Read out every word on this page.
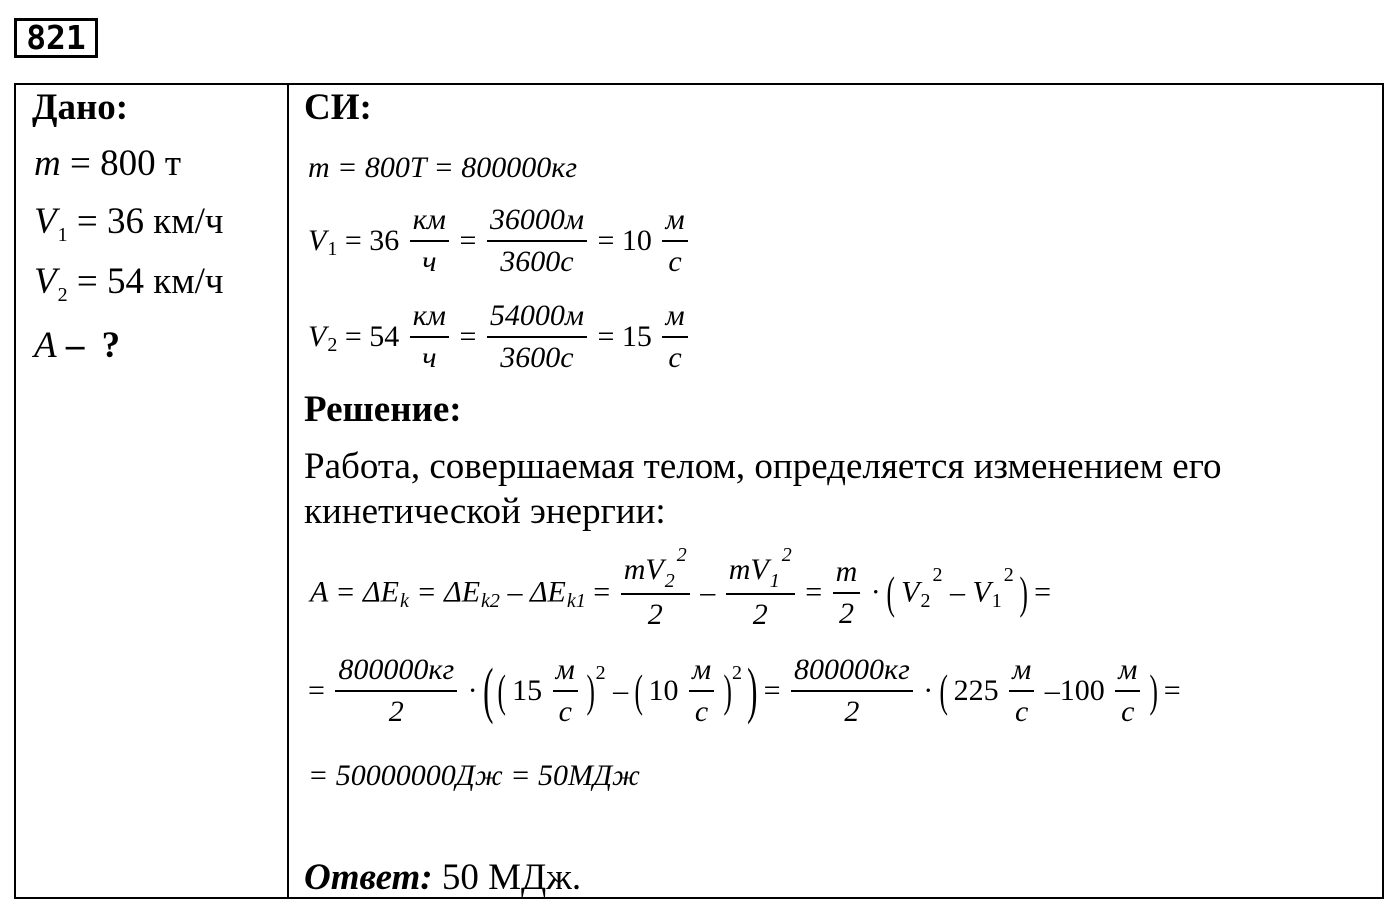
821
Дано:
m = 800 т
$V_1 = 36$ км/ч
$V_2 = 54$ км/ч
A – ?
СИ:
m = 800T = 800000кг
$V_1 = 36$
км
ч
=
36000м
3600с
= 10
м
с
$V_2 = 54$
км
ч
=
54000м
3600с
= 15
м
с
Решение:
Работа, совершаемая телом, определяется изменением его
кинетической энергии:
$A = \Delta E_k = \Delta E_{k2} - \Delta E_{k1} = \frac{mV_2^2}{2} - \frac{mV_1^2}{2} = \frac{m}{2}$ · ( $V_2^2 - V_1^2$ ) =
=
800000кг
2
· ( ( 15
м
с )$^2$ – ( 10
м
с )$^2$ ) =
800000кг
2
· ( 225
м
с
–100
м
с ) =
= 50000000Дж = 50МДж
Ответ: 50 МДж.
